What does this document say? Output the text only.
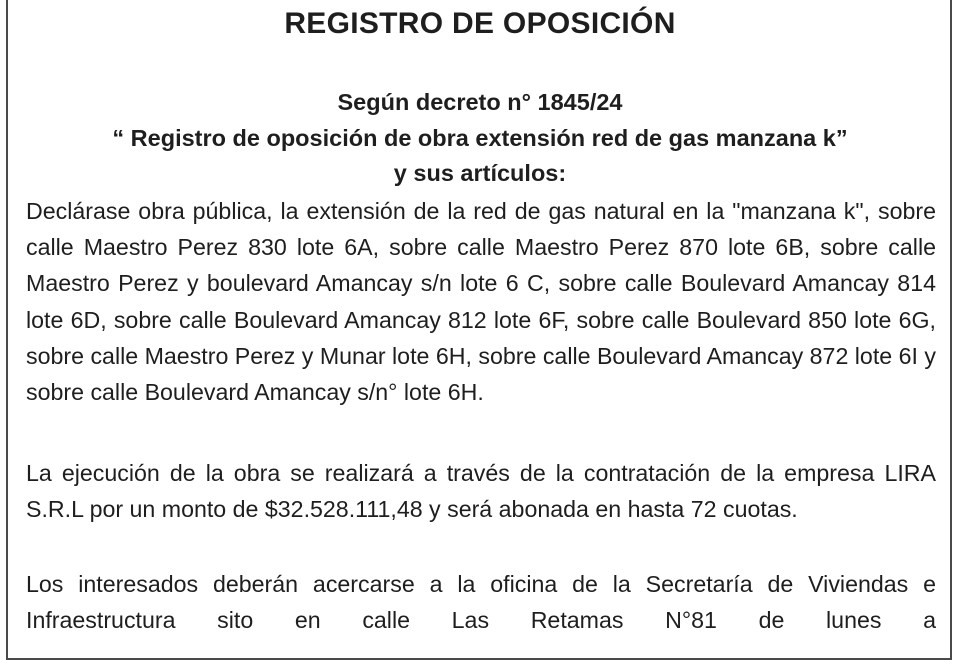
REGISTRO DE OPOSICIÓN
Según decreto n° 1845/24
“ Registro de oposición de obra extensión red de gas manzana k”
y sus artículos:
Declárase obra pública, la extensión de la red de gas natural en la "manzana k", sobre calle Maestro Perez 830 lote 6A, sobre calle Maestro Perez 870 lote 6B, sobre calle Maestro Perez y boulevard Amancay s/n lote 6 C, sobre calle Boulevard Amancay 814 lote 6D, sobre calle Boulevard Amancay 812 lote 6F, sobre calle Boulevard 850 lote 6G, sobre calle Maestro Perez y Munar lote 6H, sobre calle Boulevard Amancay 872 lote 6I y sobre calle Boulevard Amancay s/n° lote 6H.
La ejecución de la obra se realizará a través de la contratación de la empresa LIRA S.R.L por un monto de $32.528.111,48 y será abonada en hasta 72 cuotas.
Los interesados deberán acercarse a la oficina de la Secretaría de Viviendas e Infraestructura sito en calle Las Retamas N°81 de lunes a
